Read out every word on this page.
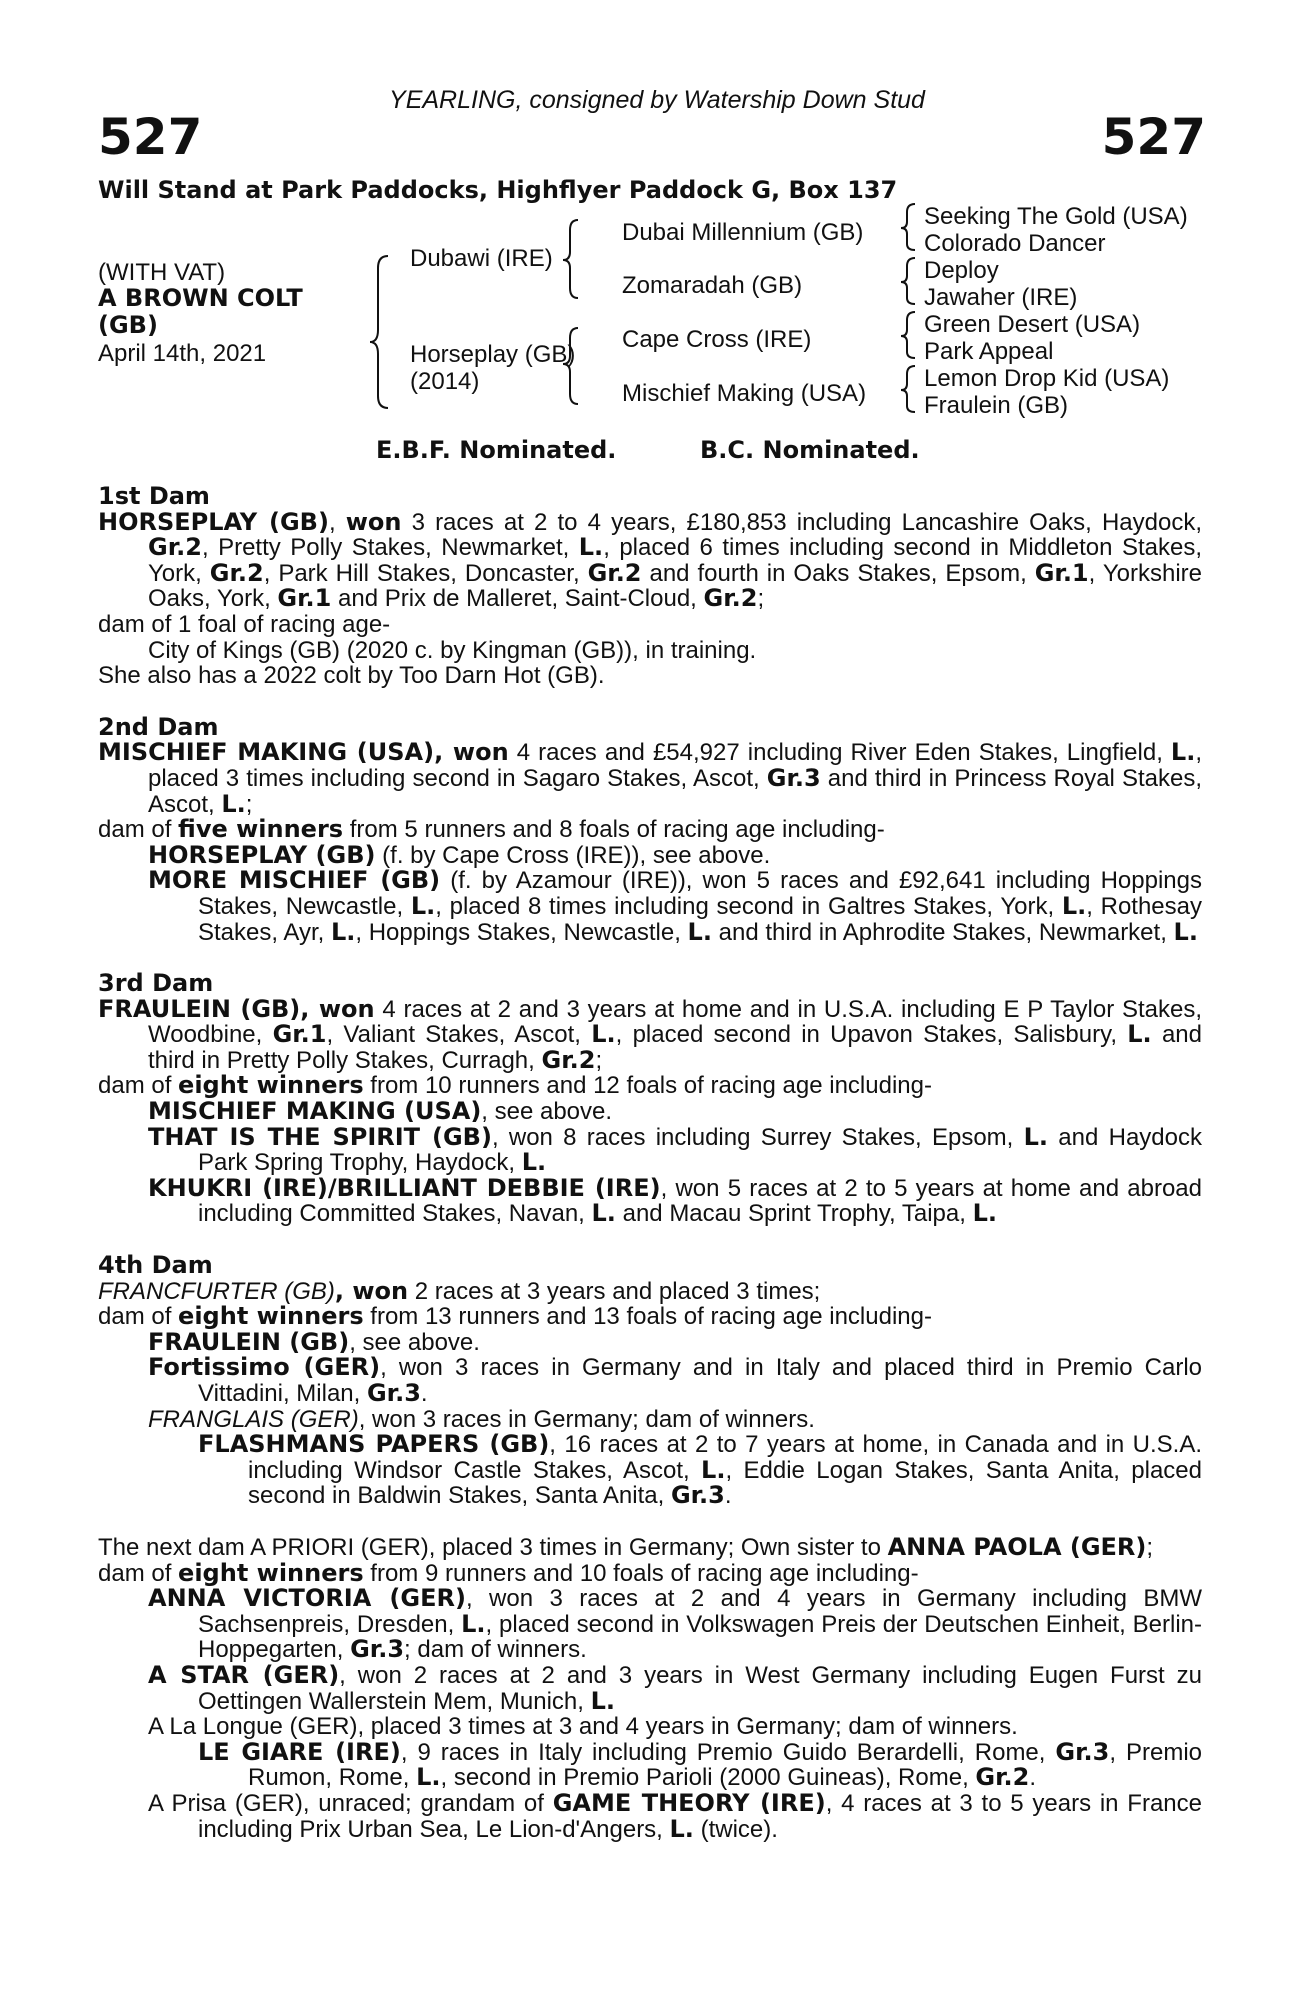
YEARLING, consigned by Watership Down Stud
527	527
Will Stand at Park Paddocks, Highflyer Paddock G, Box 137
(WITH VAT)
A BROWN COLT (GB)
April 14th, 2021
Dubawi (IRE)
Horseplay (GB)
(2014)
Dubai Millennium (GB)
Zomaradah (GB)
Cape Cross (IRE)
Mischief Making (USA)
Seeking The Gold (USA)
Colorado Dancer
Deploy
Jawaher (IRE)
Green Desert (USA)
Park Appeal
Lemon Drop Kid (USA)
Fraulein (GB)
E.B.F. Nominated.	B.C. Nominated.

1st Dam

HORSEPLAY (GB), won 3 races at 2 to 4 years, £180,853 including Lancashire Oaks, Haydock, Gr.2, Pretty Polly Stakes, Newmarket, L., placed 6 times including second in Middleton Stakes, York, Gr.2, Park Hill Stakes, Doncaster, Gr.2 and fourth in Oaks Stakes, Epsom, Gr.1, Yorkshire Oaks, York, Gr.1 and Prix de Malleret, Saint-Cloud, Gr.2;

dam of 1 foal of racing age-

City of Kings (GB) (2020 c. by Kingman (GB)), in training.

She also has a 2022 colt by Too Darn Hot (GB).

2nd Dam

MISCHIEF MAKING (USA), won 4 races and £54,927 including River Eden Stakes, Lingfield, L., placed 3 times including second in Sagaro Stakes, Ascot, Gr.3 and third in Princess Royal Stakes, Ascot, L.;

dam of five winners from 5 runners and 8 foals of racing age including-

HORSEPLAY (GB) (f. by Cape Cross (IRE)), see above.

MORE MISCHIEF (GB) (f. by Azamour (IRE)), won 5 races and £92,641 including Hoppings Stakes, Newcastle, L., placed 8 times including second in Galtres Stakes, York, L., Rothesay Stakes, Ayr, L., Hoppings Stakes, Newcastle, L. and third in Aphrodite Stakes, Newmarket, L.

3rd Dam

FRAULEIN (GB), won 4 races at 2 and 3 years at home and in U.S.A. including E P Taylor Stakes, Woodbine, Gr.1, Valiant Stakes, Ascot, L., placed second in Upavon Stakes, Salisbury, L. and third in Pretty Polly Stakes, Curragh, Gr.2;

dam of eight winners from 10 runners and 12 foals of racing age including-

MISCHIEF MAKING (USA), see above.

THAT IS THE SPIRIT (GB), won 8 races including Surrey Stakes, Epsom, L. and Haydock Park Spring Trophy, Haydock, L.

KHUKRI (IRE)/BRILLIANT DEBBIE (IRE), won 5 races at 2 to 5 years at home and abroad including Committed Stakes, Navan, L. and Macau Sprint Trophy, Taipa, L.

4th Dam

FRANCFURTER (GB), won 2 races at 3 years and placed 3 times;

dam of eight winners from 13 runners and 13 foals of racing age including-

FRAULEIN (GB), see above.

Fortissimo (GER), won 3 races in Germany and in Italy and placed third in Premio Carlo Vittadini, Milan, Gr.3.

FRANGLAIS (GER), won 3 races in Germany; dam of winners.

FLASHMANS PAPERS (GB), 16 races at 2 to 7 years at home, in Canada and in U.S.A. including Windsor Castle Stakes, Ascot, L., Eddie Logan Stakes, Santa Anita, placed second in Baldwin Stakes, Santa Anita, Gr.3.

The next dam A PRIORI (GER), placed 3 times in Germany; Own sister to ANNA PAOLA (GER);

dam of eight winners from 9 runners and 10 foals of racing age including-

ANNA VICTORIA (GER), won 3 races at 2 and 4 years in Germany including BMW Sachsenpreis, Dresden, L., placed second in Volkswagen Preis der Deutschen Einheit, Berlin-Hoppegarten, Gr.3; dam of winners.

A STAR (GER), won 2 races at 2 and 3 years in West Germany including Eugen Furst zu Oettingen Wallerstein Mem, Munich, L.

A La Longue (GER), placed 3 times at 3 and 4 years in Germany; dam of winners.

LE GIARE (IRE), 9 races in Italy including Premio Guido Berardelli, Rome, Gr.3, Premio Rumon, Rome, L., second in Premio Parioli (2000 Guineas), Rome, Gr.2.

A Prisa (GER), unraced; grandam of GAME THEORY (IRE), 4 races at 3 to 5 years in France including Prix Urban Sea, Le Lion-d'Angers, L. (twice).
